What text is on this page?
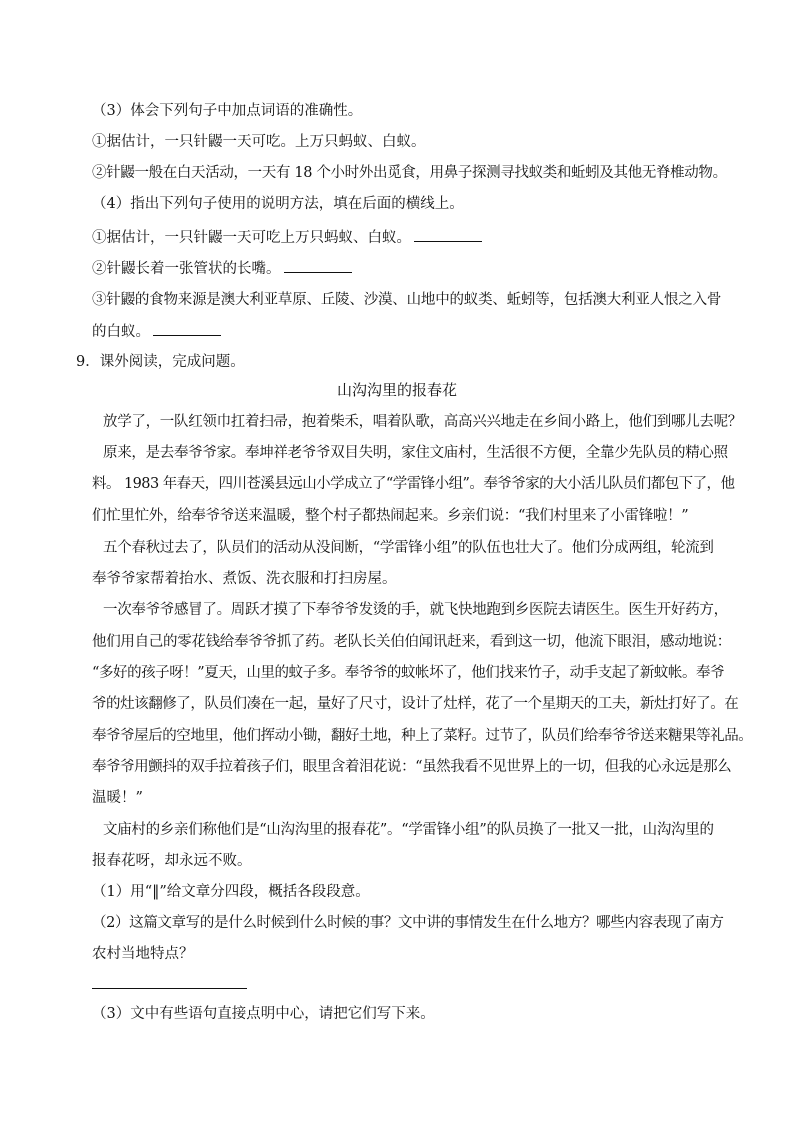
（3）体会下列句子中加点词语的准确性。
①据估计，一只针鼹一天可吃。上万只蚂蚁、白蚁。
②针鼹一般在白天活动，一天有 18 个小时外出觅食，用鼻子探测寻找蚁类和蚯蚓及其他无脊椎动物。
（4）指出下列句子使用的说明方法，填在后面的横线上。
①据估计，一只针鼹一天可吃上万只蚂蚁、白蚁。
②针鼹长着一张管状的长嘴。
③针鼹的食物来源是澳大利亚草原、丘陵、沙漠、山地中的蚁类、蚯蚓等，包括澳大利亚人恨之入骨
的白蚁。
9．课外阅读，完成问题。
山沟沟里的报春花
放学了，一队红领巾扛着扫帚，抱着柴禾，唱着队歌，高高兴兴地走在乡间小路上，他们到哪儿去呢？
原来，是去奉爷爷家。奉坤祥老爷爷双目失明，家住文庙村，生活很不方便，全靠少先队员的精心照
料。 1983 年春天，四川苍溪县远山小学成立了“学雷锋小组”。奉爷爷家的大小活儿队员们都包下了，他
们忙里忙外，给奉爷爷送来温暖，整个村子都热闹起来。乡亲们说：“我们村里来了小雷锋啦！”
五个春秋过去了，队员们的活动从没间断，“学雷锋小组”的队伍也壮大了。他们分成两组，轮流到
奉爷爷家帮着抬水、煮饭、洗衣服和打扫房屋。
一次奉爷爷感冒了。周跃才摸了下奉爷爷发烫的手，就飞快地跑到乡医院去请医生。医生开好药方，
他们用自己的零花钱给奉爷爷抓了药。老队长关伯伯闻讯赶来，看到这一切，他流下眼泪，感动地说：
“多好的孩子呀！”夏天，山里的蚊子多。奉爷爷的蚊帐坏了，他们找来竹子，动手支起了新蚊帐。奉爷
爷的灶该翻修了，队员们凑在一起，量好了尺寸，设计了灶样，花了一个星期天的工夫，新灶打好了。在
奉爷爷屋后的空地里，他们挥动小锄，翻好土地，种上了菜籽。过节了，队员们给奉爷爷送来糖果等礼品。
奉爷爷用颤抖的双手拉着孩子们，眼里含着泪花说：“虽然我看不见世界上的一切，但我的心永远是那么
温暖！”
文庙村的乡亲们称他们是“山沟沟里的报春花”。“学雷锋小组”的队员换了一批又一批，山沟沟里的
报春花呀，却永远不败。
（1）用“‖”给文章分四段，概括各段段意。
（2）这篇文章写的是什么时候到什么时候的事？文中讲的事情发生在什么地方？哪些内容表现了南方
农村当地特点？
（3）文中有些语句直接点明中心，请把它们写下来。
